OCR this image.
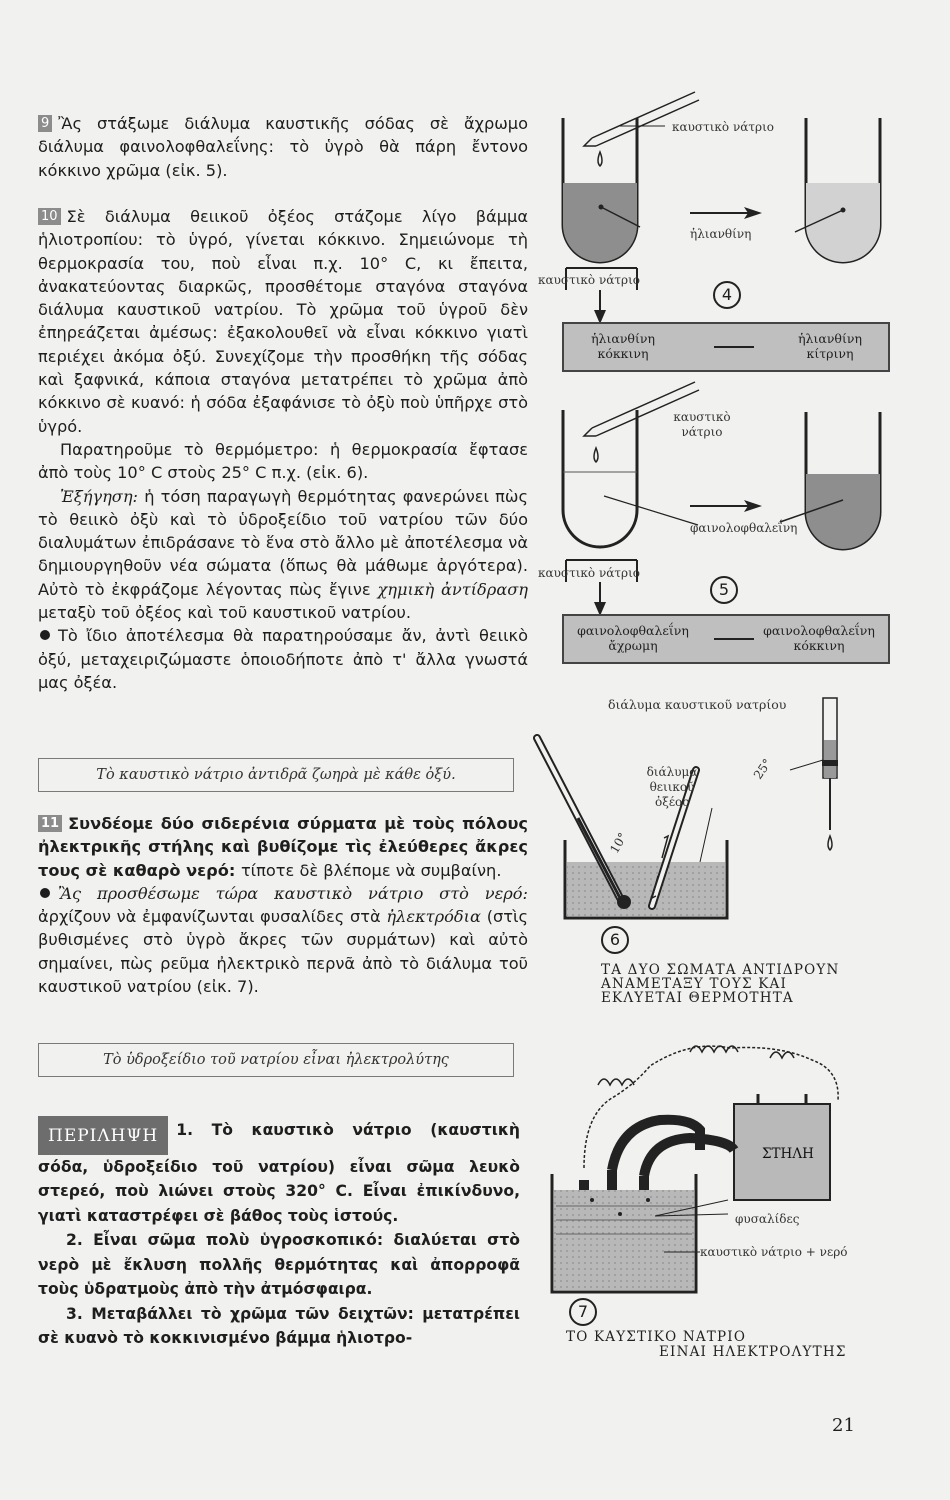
9 Ἂς στάξωμε διάλυμα καυστικῆς σόδας σὲ ἄχρωμο διάλυμα φαινολοφθαλεΐνης: τὸ ὑγρὸ θὰ πάρη ἔντονο κόκκινο χρῶμα (εἰκ. 5).

10 Σὲ διάλυμα θειικοῦ ὀξέος στάζομε λίγο βάμμα ἡλιοτροπίου: τὸ ὑγρό, γίνεται κόκκινο. Σημειώνομε τὴ θερμοκρασία του, ποὺ εἶναι π.χ. 10° C, κι ἔπειτα, ἀνακατεύοντας διαρκῶς, προσθέτομε σταγόνα σταγόνα διάλυμα καυστικοῦ νατρίου. Τὸ χρῶμα τοῦ ὑγροῦ δὲν ἐπηρεάζεται ἀμέσως: ἐξακολουθεῖ νὰ εἶναι κόκκινο γιατὶ περιέχει ἀκόμα ὀξύ. Συνεχίζομε τὴν προσθήκη τῆς σόδας καὶ ξαφνικά, κάποια σταγόνα μετατρέπει τὸ χρῶμα ἀπὸ κόκκινο σὲ κυανό: ἡ σόδα ἐξαφάνισε τὸ ὀξὺ ποὺ ὑπῆρχε στὸ ὑγρό.

Παρατηροῦμε τὸ θερμόμετρο: ἡ θερμοκρασία ἔφτασε ἀπὸ τοὺς 10° C στοὺς 25° C π.χ. (εἰκ. 6).

Ἐξήγηση: ἡ τόση παραγωγὴ θερμότητας φανερώνει πὼς τὸ θειικὸ ὀξὺ καὶ τὸ ὑδροξείδιο τοῦ νατρίου τῶν δύο διαλυμάτων ἐπιδράσανε τὸ ἕνα στὸ ἄλλο μὲ ἀποτέλεσμα νὰ δημιουργηθοῦν νέα σώματα (ὅπως θὰ μάθωμε ἀργότερα). Αὐτὸ τὸ ἐκφράζομε λέγοντας πὼς ἔγινε χημικὴ ἀντίδραση μεταξὺ τοῦ ὀξέος καὶ τοῦ καυστικοῦ νατρίου.

Τὸ ἴδιο ἀποτέλεσμα θὰ παρατηρούσαμε ἄν, ἀντὶ θειικὸ ὀξύ, μεταχειριζώμαστε ὁποιοδήποτε ἀπὸ τ' ἄλλα γνωστά μας ὀξέα.

Τὸ καυστικὸ νάτριο ἀντιδρᾶ ζωηρὰ μὲ κάθε ὀξύ.

11 Συνδέομε δύο σιδερένια σύρματα μὲ τοὺς πόλους ἠλεκτρικῆς στήλης καὶ βυθίζομε τὶς ἐλεύθερες ἄκρες τους σὲ καθαρὸ νερό: τίποτε δὲ βλέπομε νὰ συμβαίνη.

Ἂς προσθέσωμε τώρα καυστικὸ νάτριο στὸ νερό: ἀρχίζουν νὰ ἐμφανίζωνται φυσαλίδες στὰ ἠλεκτρόδια (στὶς βυθισμένες στὸ ὑγρὸ ἄκρες τῶν συρμάτων) καὶ αὐτὸ σημαίνει, πὼς ρεῦμα ἠλεκτρικὸ περνᾶ ἀπὸ τὸ διάλυμα τοῦ καυστικοῦ νατρίου (εἰκ. 7).

Τὸ ὑδροξείδιο τοῦ νατρίου εἶναι ἠλεκτρολύτης

ΠΕΡΙΛΗΨΗ 1. Τὸ καυστικὸ νάτριο (καυστικὴ σόδα, ὑδροξείδιο τοῦ νατρίου) εἶναι σῶμα λευκὸ στερεό, ποὺ λιώνει στοὺς 320° C. Εἶναι ἐπικίνδυνο, γιατὶ καταστρέφει σὲ βάθος τοὺς ἱστούς.

2. Εἶναι σῶμα πολὺ ὑγροσκοπικό: διαλύεται στὸ νερὸ μὲ ἔκλυση πολλῆς θερμότητας καὶ ἀπορροφᾶ τοὺς ὑδρατμοὺς ἀπὸ τὴν ἀτμόσφαιρα.

3. Μεταβάλλει τὸ χρῶμα τῶν δειχτῶν: μετατρέπει σὲ κυανὸ τὸ κοκκινισμένο βάμμα ἡλιοτρο-

καυστικὸ νάτριο
ἡλιανθίνη
καυστικὸ νάτριο
4
ἡλιανθίνη κόκκινη
ἡλιανθίνη κίτρινη
καυστικὸ νάτριο
φαινολοφθαλεΐνη
καυστικὸ νάτριο
5
φαινολοφθαλεΐνη ἄχρωμη
φαινολοφθαλεΐνη κόκκινη
διάλυμα καυστικοῦ νατρίου
διάλυμα θειικοῦ ὀξέος
10°
25°
6
ΤΑ ΔΥΟ ΣΩΜΑΤΑ ΑΝΤΙΔΡΟΥΝ ΑΝΑΜΕΤΑΞΥ ΤΟΥΣ ΚΑΙ ΕΚΛΥΕΤΑΙ ΘΕΡΜΟΤΗΤΑ
ΣΤΗΛΗ
φυσαλίδες
καυστικὸ νάτριο + νερό
7
ΤΟ ΚΑΥΣΤΙΚΟ ΝΑΤΡΙΟ
ΕΙΝΑΙ ΗΛΕΚΤΡΟΛΥΤΗΣ
21
